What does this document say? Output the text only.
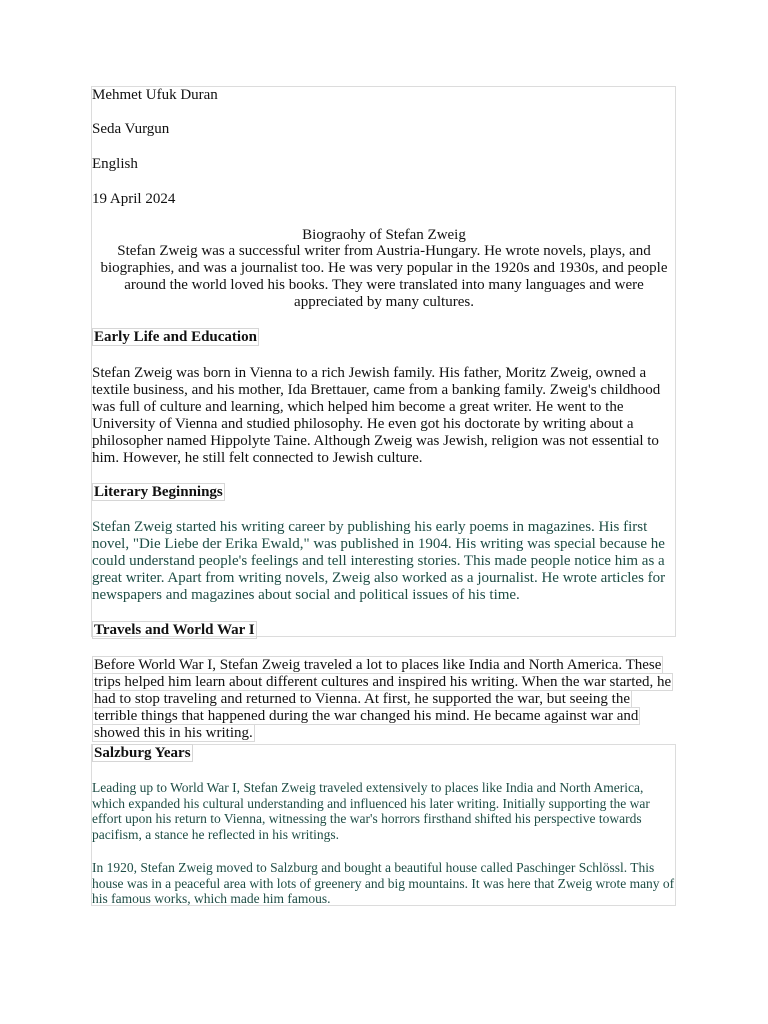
Mehmet Ufuk Duran

Seda Vurgun

English

19 April 2024

Biograohy of Stefan Zweig

Stefan Zweig was a successful writer from Austria-Hungary. He wrote novels, plays, and biographies, and was a journalist too. He was very popular in the 1920s and 1930s, and people around the world loved his books. They were translated into many languages and were appreciated by many cultures.

Early Life and Education

Stefan Zweig was born in Vienna to a rich Jewish family. His father, Moritz Zweig, owned a textile business, and his mother, Ida Brettauer, came from a banking family. Zweig's childhood was full of culture and learning, which helped him become a great writer. He went to the University of Vienna and studied philosophy. He even got his doctorate by writing about a philosopher named Hippolyte Taine. Although Zweig was Jewish, religion was not essential to him. However, he still felt connected to Jewish culture.

Literary Beginnings

Stefan Zweig started his writing career by publishing his early poems in magazines. His first novel, "Die Liebe der Erika Ewald," was published in 1904. His writing was special because he could understand people's feelings and tell interesting stories. This made people notice him as a great writer. Apart from writing novels, Zweig also worked as a journalist. He wrote articles for newspapers and magazines about social and political issues of his time.

Travels and World War I

Before World War I, Stefan Zweig traveled a lot to places like India and North America. These trips helped him learn about different cultures and inspired his writing. When the war started, he had to stop traveling and returned to Vienna. At first, he supported the war, but seeing the terrible things that happened during the war changed his mind. He became against war and showed this in his writing.

Salzburg Years

Leading up to World War I, Stefan Zweig traveled extensively to places like India and North America, which expanded his cultural understanding and influenced his later writing. Initially supporting the war effort upon his return to Vienna, witnessing the war's horrors firsthand shifted his perspective towards pacifism, a stance he reflected in his writings.

In 1920, Stefan Zweig moved to Salzburg and bought a beautiful house called Paschinger Schlössl. This house was in a peaceful area with lots of greenery and big mountains. It was here that Zweig wrote many of his famous works, which made him famous.
